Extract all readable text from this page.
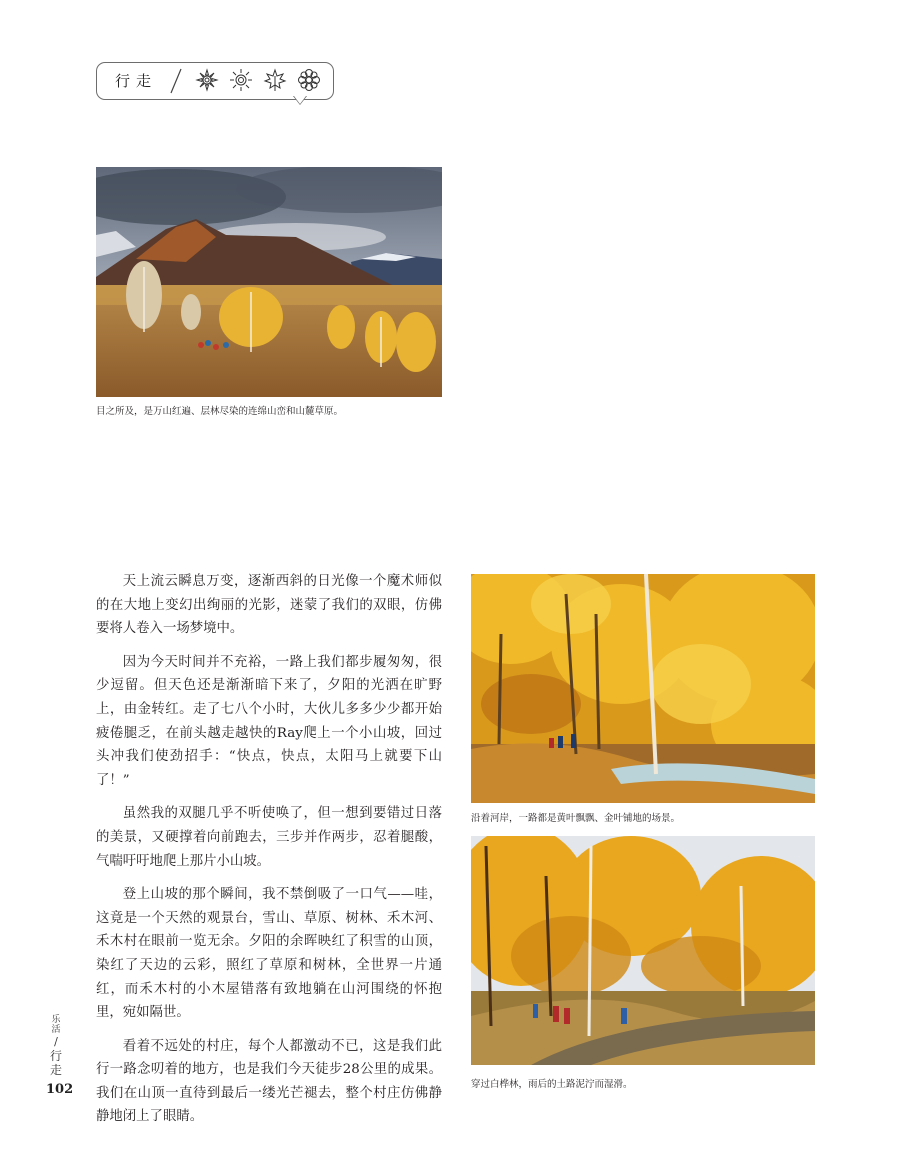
行走
目之所及，是万山红遍、层林尽染的连绵山峦和山麓草原。

天上流云瞬息万变，逐渐西斜的日光像一个魔术师似的在大地上变幻出绚丽的光影，迷蒙了我们的双眼，仿佛要将人卷入一场梦境中。

因为今天时间并不充裕，一路上我们都步履匆匆，很少逗留。但天色还是渐渐暗下来了，夕阳的光洒在旷野上，由金转红。走了七八个小时，大伙儿多多少少都开始疲倦腿乏，在前头越走越快的Ray爬上一个小山坡，回过头冲我们使劲招手：“快点，快点，太阳马上就要下山了！”

虽然我的双腿几乎不听使唤了，但一想到要错过日落的美景，又硬撑着向前跑去，三步并作两步，忍着腿酸，气喘吁吁地爬上那片小山坡。

登上山坡的那个瞬间，我不禁倒吸了一口气——哇，这竟是一个天然的观景台，雪山、草原、树林、禾木河、禾木村在眼前一览无余。夕阳的余晖映红了积雪的山顶，染红了天边的云彩，照红了草原和树林，全世界一片通红，而禾木村的小木屋错落有致地躺在山河围绕的怀抱里，宛如隔世。

看着不远处的村庄，每个人都激动不已，这是我们此行一路念叨着的地方，也是我们今天徒步28公里的成果。我们在山顶一直待到最后一缕光芒褪去，整个村庄仿佛静静地闭上了眼睛。

沿着河岸，一路都是黄叶飘飘、金叶铺地的场景。
穿过白桦林，雨后的土路泥泞而湿滑。
乐
活
/
行
走
102
